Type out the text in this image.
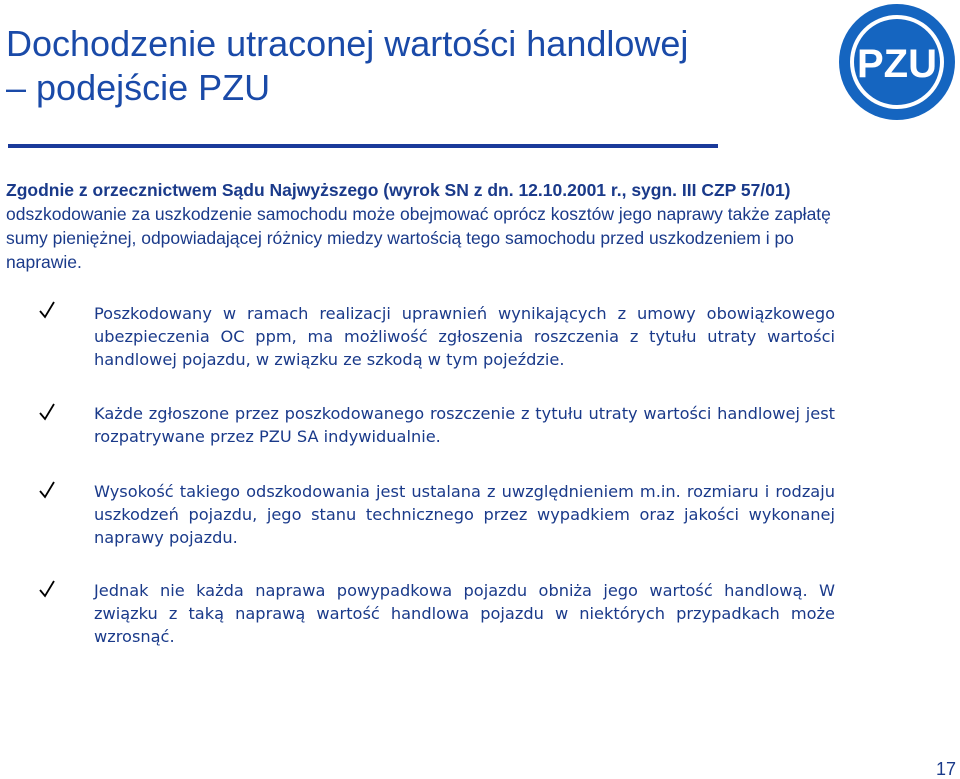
Dochodzenie utraconej wartości handlowej
– podejście PZU
PZU
Zgodnie z orzecznictwem Sądu Najwyższego (wyrok SN z dn. 12.10.2001 r., sygn. III CZP 57/01) odszkodowanie za uszkodzenie samochodu może obejmować oprócz kosztów jego naprawy także zapłatę sumy pieniężnej, odpowiadającej różnicy miedzy wartością tego samochodu przed uszkodzeniem i po naprawie.
Poszkodowany w ramach realizacji uprawnień wynikających z umowy obowiązkowego ubezpieczenia OC ppm, ma możliwość zgłoszenia roszczenia z tytułu utraty wartości handlowej pojazdu, w związku ze szkodą w tym pojeździe.
Każde zgłoszone przez poszkodowanego roszczenie z tytułu utraty wartości handlowej jest rozpatrywane przez PZU SA indywidualnie.
Wysokość takiego odszkodowania jest ustalana z uwzględnieniem m.in. rozmiaru i rodzaju uszkodzeń pojazdu, jego stanu technicznego przez wypadkiem oraz jakości wykonanej naprawy pojazdu.
Jednak nie każda naprawa powypadkowa pojazdu obniża jego wartość handlową. W związku z taką naprawą wartość handlowa pojazdu w niektórych przypadkach może wzrosnąć.
17
